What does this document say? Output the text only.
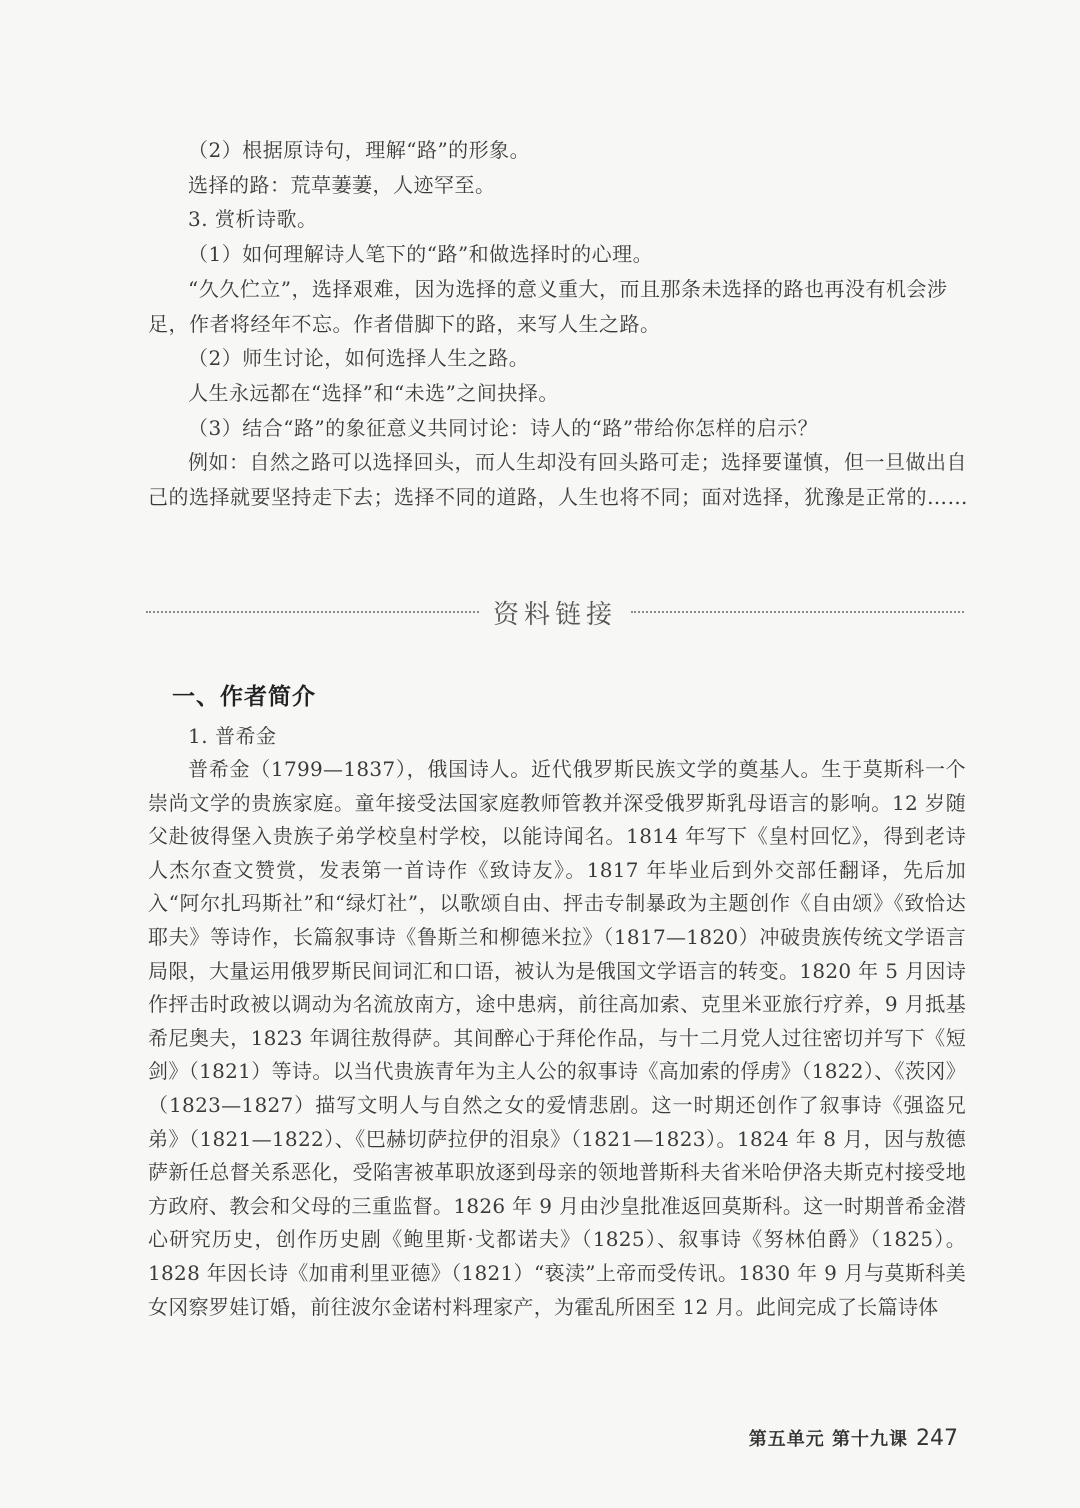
（2）根据原诗句，理解“路”的形象。

选择的路：荒草萋萋，人迹罕至。

3. 赏析诗歌。

（1）如何理解诗人笔下的“路”和做选择时的心理。

“久久伫立”，选择艰难，因为选择的意义重大，而且那条未选择的路也再没有机会涉足，作者将经年不忘。作者借脚下的路，来写人生之路。

（2）师生讨论，如何选择人生之路。

人生永远都在“选择”和“未选”之间抉择。

（3）结合“路”的象征意义共同讨论：诗人的“路”带给你怎样的启示？

例如：自然之路可以选择回头，而人生却没有回头路可走；选择要谨慎，但一旦做出自己的选择就要坚持走下去；选择不同的道路，人生也将不同；面对选择，犹豫是正常的……

资料链接
一、作者简介

1. 普希金

普希金（1799—1837），俄国诗人。近代俄罗斯民族文学的奠基人。生于莫斯科一个崇尚文学的贵族家庭。童年接受法国家庭教师管教并深受俄罗斯乳母语言的影响。12 岁随父赴彼得堡入贵族子弟学校皇村学校，以能诗闻名。1814 年写下《皇村回忆》，得到老诗人杰尔查文赞赏，发表第一首诗作《致诗友》。1817 年毕业后到外交部任翻译，先后加入“阿尔扎玛斯社”和“绿灯社”，以歌颂自由、抨击专制暴政为主题创作《自由颂》《致恰达耶夫》等诗作，长篇叙事诗《鲁斯兰和柳德米拉》（1817—1820）冲破贵族传统文学语言局限，大量运用俄罗斯民间词汇和口语，被认为是俄国文学语言的转变。1820 年 5 月因诗作抨击时政被以调动为名流放南方，途中患病，前往高加索、克里米亚旅行疗养，9 月抵基希尼奥夫，1823 年调往敖得萨。其间醉心于拜伦作品，与十二月党人过往密切并写下《短剑》（1821）等诗。以当代贵族青年为主人公的叙事诗《高加索的俘虏》（1822）、《茨冈》（1823—1827）描写文明人与自然之女的爱情悲剧。这一时期还创作了叙事诗《强盗兄弟》（1821—1822）、《巴赫切萨拉伊的泪泉》（1821—1823）。1824 年 8 月，因与敖德萨新任总督关系恶化，受陷害被革职放逐到母亲的领地普斯科夫省米哈伊洛夫斯克村接受地方政府、教会和父母的三重监督。1826 年 9 月由沙皇批准返回莫斯科。这一时期普希金潜心研究历史，创作历史剧《鲍里斯·戈都诺夫》（1825）、叙事诗《努林伯爵》（1825）。1828 年因长诗《加甫利里亚德》（1821）“亵渎”上帝而受传讯。1830 年 9 月与莫斯科美女冈察罗娃订婚，前往波尔金诺村料理家产，为霍乱所困至 12 月。此间完成了长篇诗体

第五单元 第十九课 247
